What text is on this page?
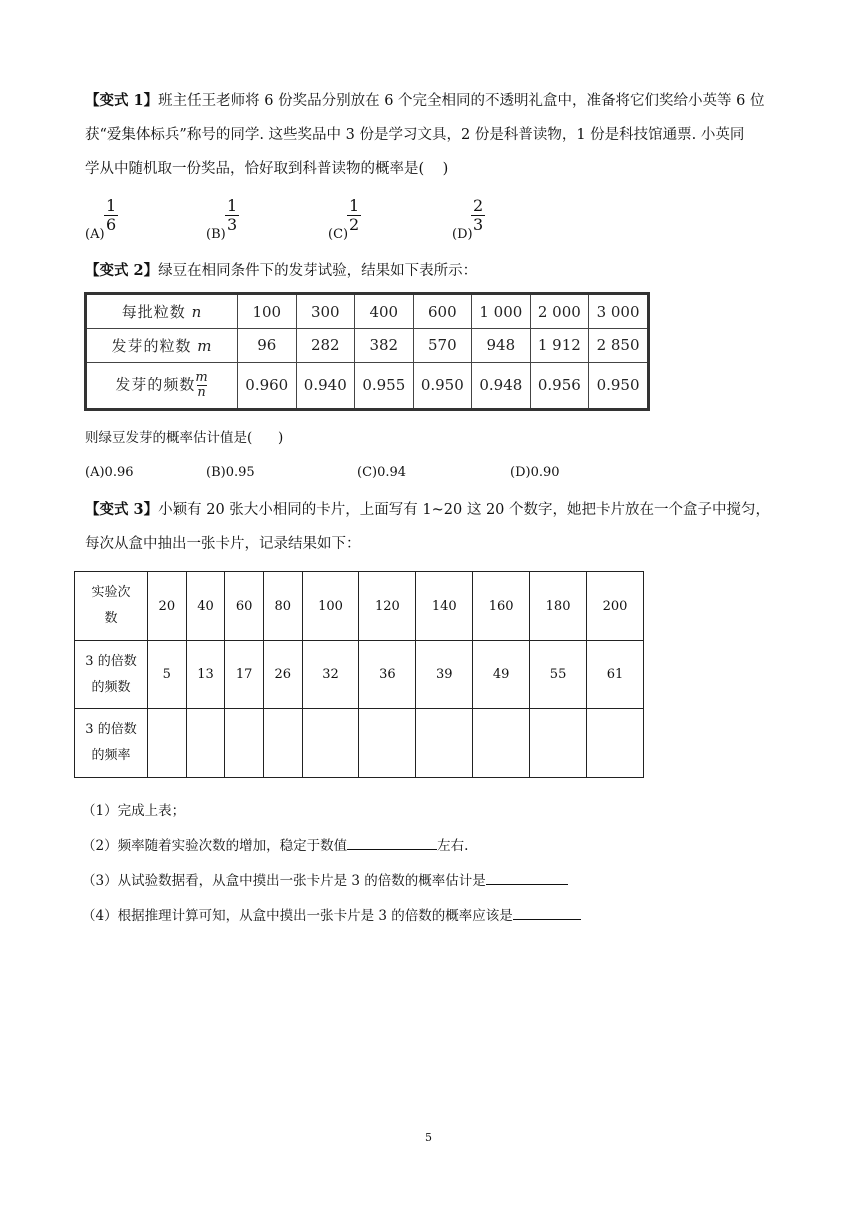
【变式 1】班主任王老师将 6 份奖品分别放在 6 个完全相同的不透明礼盒中，准备将它们奖给小英等 6 位
获“爱集体标兵”称号的同学. 这些奖品中 3 份是学习文具，2 份是科普读物，1 份是科技馆通票. 小英同
学从中随机取一份奖品，恰好取到科普读物的概率是(    )
(A)
$\frac{1}{6}$
(B)
$\frac{1}{3}$
(C)
$\frac{1}{2}$
(D)
$\frac{2}{3}$
【变式 2】绿豆在相同条件下的发芽试验，结果如下表所示：
每批粒数 n	100	300	400	600	1 000	2 000	3 000
发芽的粒数 m	96	282	382	570	948	1 912	2 850
发芽的频数 $\frac{m}{n}$	0.960	0.940	0.955	0.950	0.948	0.956	0.950
则绿豆发芽的概率估计值是(      )
(A)0.96	(B)0.95	(C)0.94	(D)0.90
【变式 3】小颖有 20 张大小相同的卡片，上面写有 1~20 这 20 个数字，她把卡片放在一个盒子中搅匀，
每次从盒中抽出一张卡片，记录结果如下：
实验次
数	20	40	60	80	100	120	140	160	180	200

3 的倍数
的频数	5	13	17	26	32	36	39	49	55	61

3 的倍数
的频率										

（1）完成上表；
（2）频率随着实验次数的增加，稳定于数值	左右.
（3）从试验数据看，从盒中摸出一张卡片是 3 的倍数的概率估计是
（4）根据推理计算可知，从盒中摸出一张卡片是 3 的倍数的概率应该是
5
